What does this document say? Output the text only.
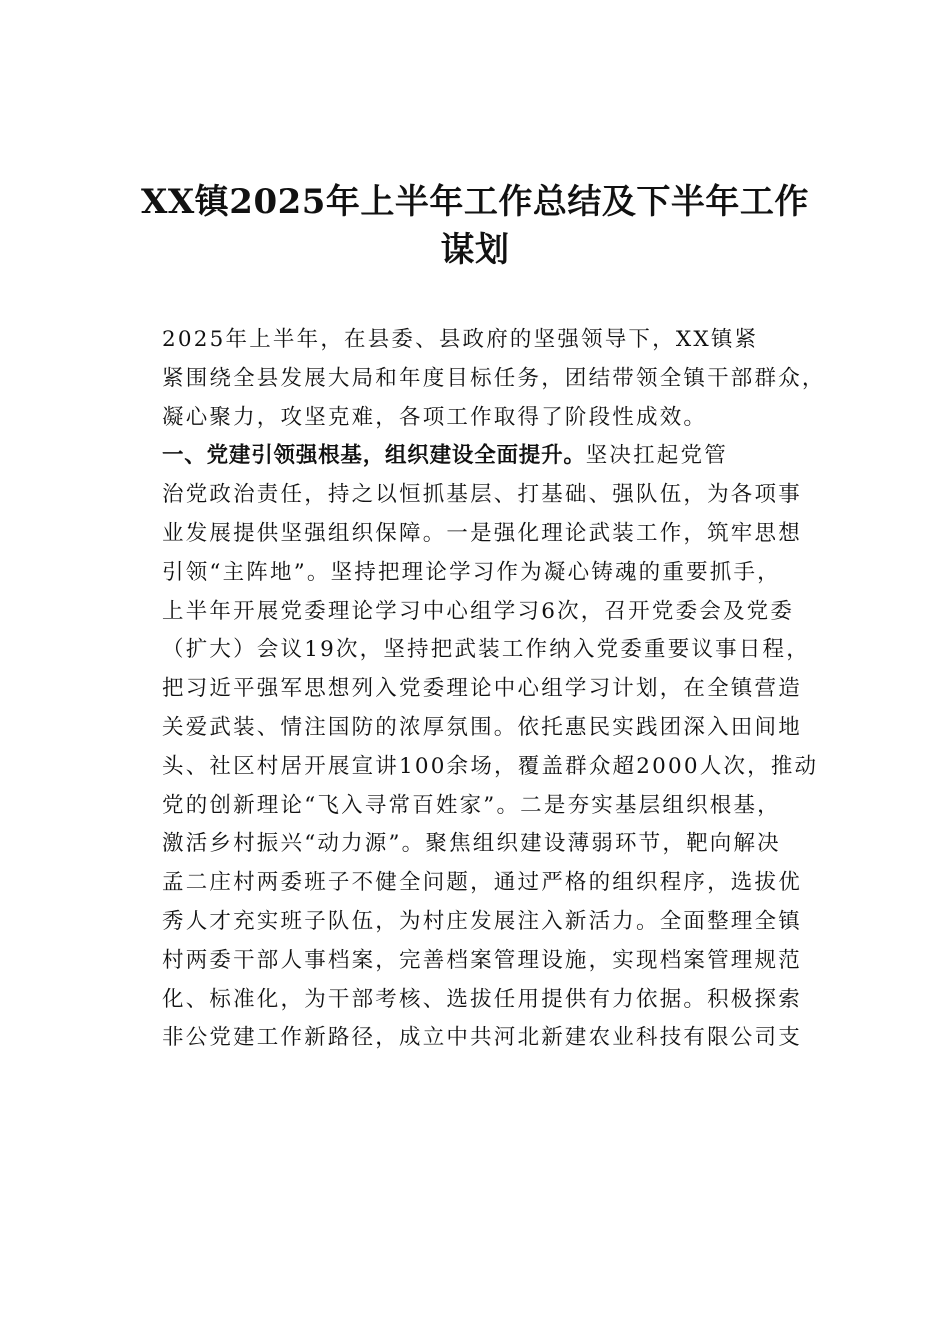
XX镇2025年上半年工作总结及下半年工作
谋划

2025年上半年，在县委、县政府的坚强领导下，XX镇紧
紧围绕全县发展大局和年度目标任务，团结带领全镇干部群众，
凝心聚力，攻坚克难，各项工作取得了阶段性成效。

一、党建引领强根基，组织建设全面提升。坚决扛起党管
治党政治责任，持之以恒抓基层、打基础、强队伍，为各项事
业发展提供坚强组织保障。一是强化理论武装工作，筑牢思想
引领“主阵地”。坚持把理论学习作为凝心铸魂的重要抓手，
上半年开展党委理论学习中心组学习6次，召开党委会及党委
（扩大）会议19次，坚持把武装工作纳入党委重要议事日程，
把习近平强军思想列入党委理论中心组学习计划，在全镇营造
关爱武装、情注国防的浓厚氛围。依托惠民实践团深入田间地
头、社区村居开展宣讲100余场，覆盖群众超2000人次，推动
党的创新理论“飞入寻常百姓家”。二是夯实基层组织根基，
激活乡村振兴“动力源”。聚焦组织建设薄弱环节，靶向解决
孟二庄村两委班子不健全问题，通过严格的组织程序，选拔优
秀人才充实班子队伍，为村庄发展注入新活力。全面整理全镇
村两委干部人事档案，完善档案管理设施，实现档案管理规范
化、标准化，为干部考核、选拔任用提供有力依据。积极探索
非公党建工作新路径，成立中共河北新建农业科技有限公司支
